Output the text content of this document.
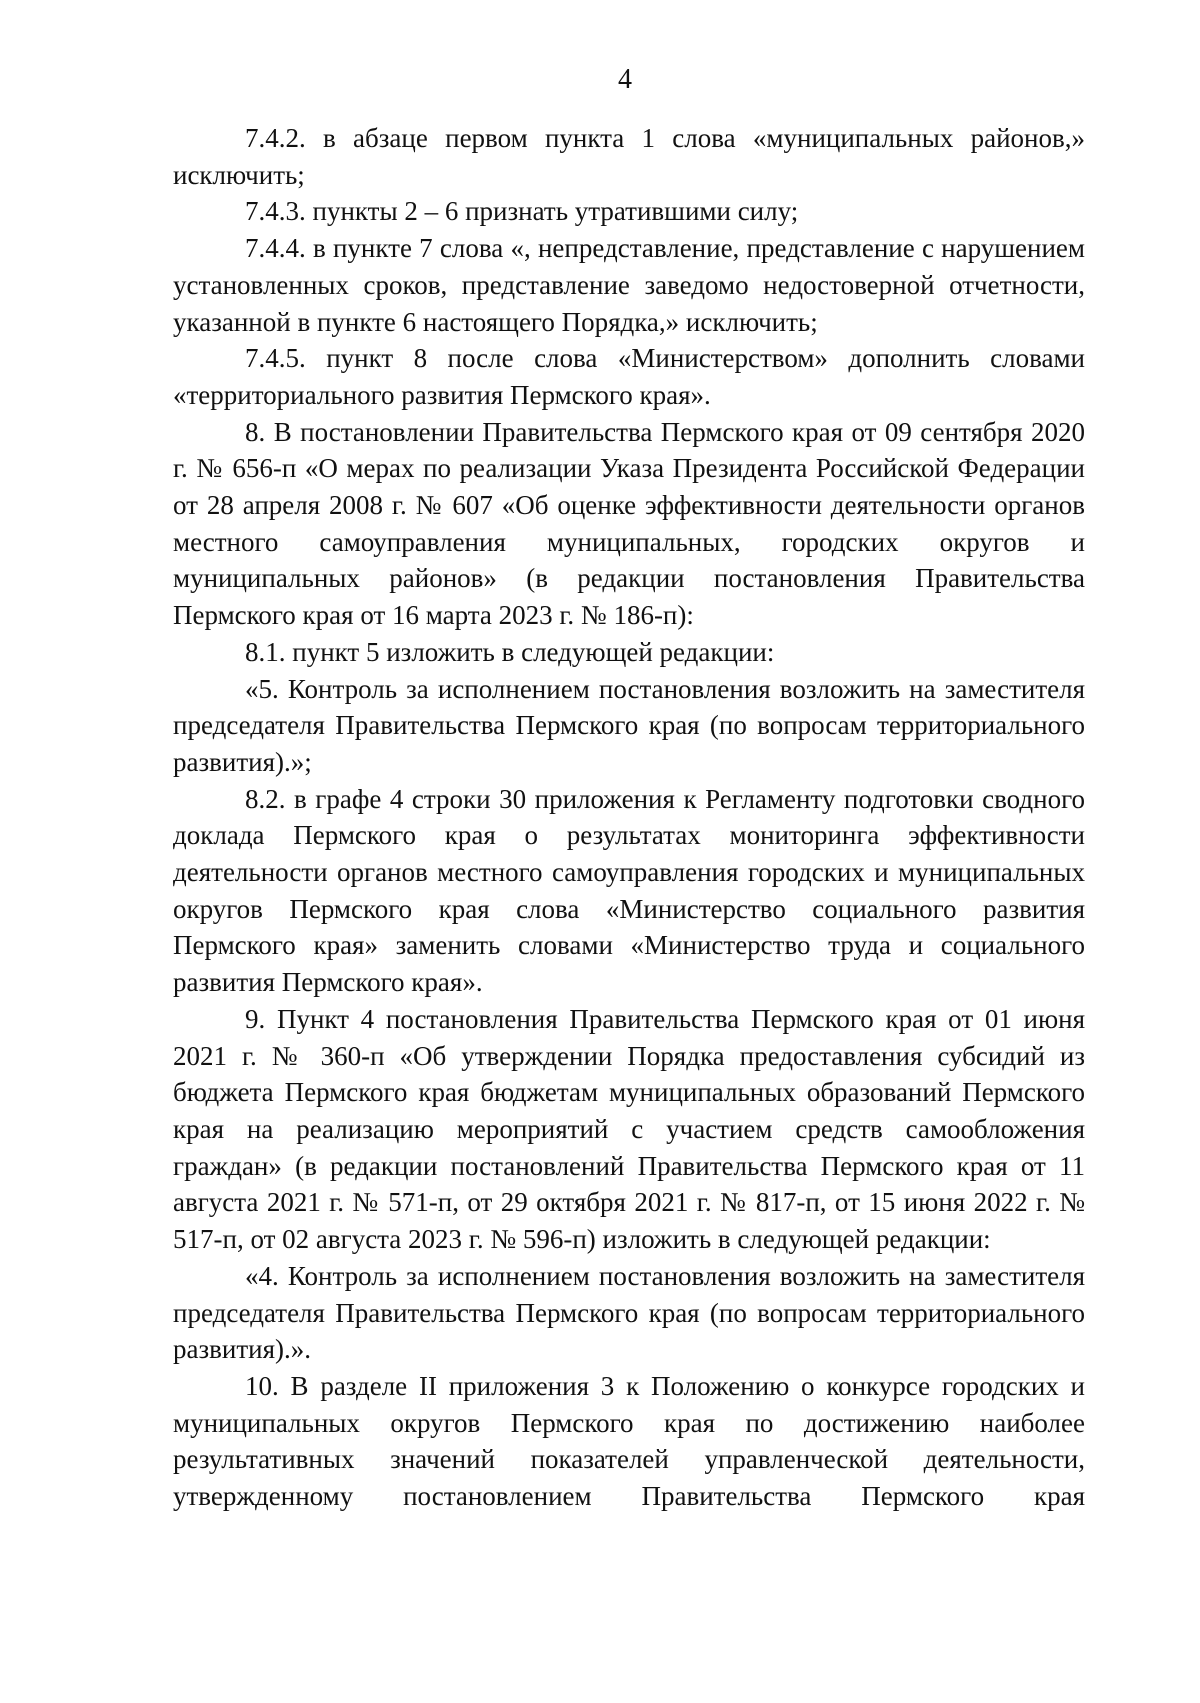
4

7.4.2. в абзаце первом пункта 1 слова «муниципальных районов,» исключить;

7.4.3. пункты 2 – 6 признать утратившими силу;

7.4.4. в пункте 7 слова «, непредставление, представление с нарушением установленных сроков, представление заведомо недостоверной отчетности, указанной в пункте 6 настоящего Порядка,» исключить;

7.4.5. пункт 8 после слова «Министерством» дополнить словами «территориального развития Пермского края».

8. В постановлении Правительства Пермского края от 09 сентября 2020 г. № 656-п «О мерах по реализации Указа Президента Российской Федерации от 28 апреля 2008 г. № 607 «Об оценке эффективности деятельности органов местного самоуправления муниципальных, городских округов и муниципальных районов» (в редакции постановления Правительства Пермского края от 16 марта 2023 г. № 186-п):

8.1. пункт 5 изложить в следующей редакции:

«5. Контроль за исполнением постановления возложить на заместителя председателя Правительства Пермского края (по вопросам территориального развития).»;

8.2. в графе 4 строки 30 приложения к Регламенту подготовки сводного доклада Пермского края о результатах мониторинга эффективности деятельности органов местного самоуправления городских и муниципальных округов Пермского края слова «Министерство социального развития Пермского края» заменить словами «Министерство труда и социального развития Пермского края».

9. Пункт 4 постановления Правительства Пермского края от 01 июня 2021 г. № 360-п «Об утверждении Порядка предоставления субсидий из бюджета Пермского края бюджетам муниципальных образований Пермского края на реализацию мероприятий с участием средств самообложения граждан» (в редакции постановлений Правительства Пермского края от 11 августа 2021 г. № 571-п, от 29 октября 2021 г. № 817-п, от 15 июня 2022 г. № 517-п, от 02 августа 2023 г. № 596-п) изложить в следующей редакции:

«4. Контроль за исполнением постановления возложить на заместителя председателя Правительства Пермского края (по вопросам территориального развития).».

10. В разделе II приложения 3 к Положению о конкурсе городских и муниципальных округов Пермского края по достижению наиболее результативных значений показателей управленческой деятельности, утвержденному постановлением Правительства Пермского края
